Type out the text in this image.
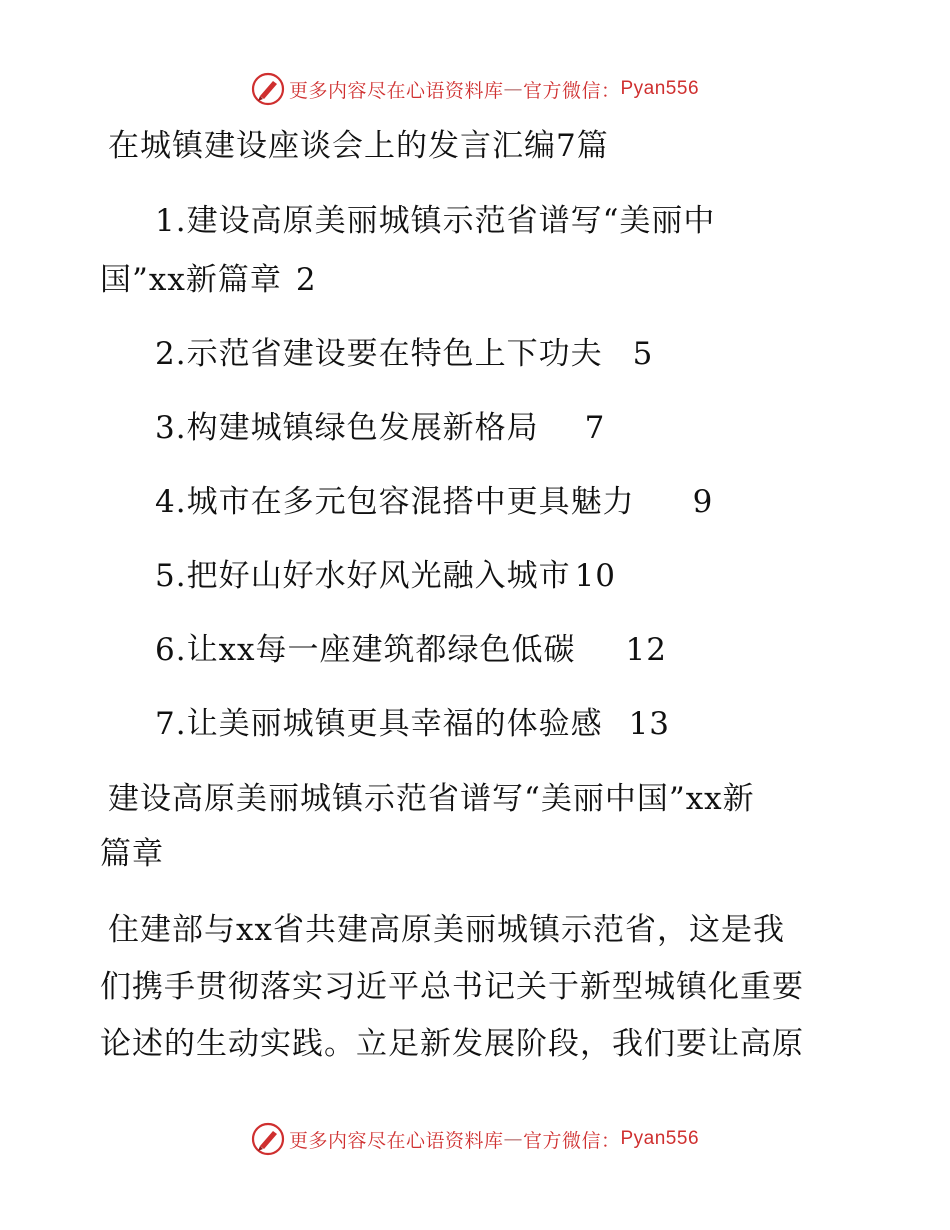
更多内容尽在心语资料库 — 官方微信： Pyan556
在城镇建设座谈会上的发言汇编7篇
1.建设高原美丽城镇示范省谱写“美丽中
国”xx新篇章 2
2.示范省建设要在特色上下功夫 5
3.构建城镇绿色发展新格局 7
4.城市在多元包容混搭中更具魅力 9
5.把好山好水好风光融入城市 10
6.让xx每一座建筑都绿色低碳 12
7.让美丽城镇更具幸福的体验感 13
建设高原美丽城镇示范省谱写“美丽中国”xx新
篇章
住建部与xx省共建高原美丽城镇示范省，这是我
们携手贯彻落实习近平总书记关于新型城镇化重要
论述的生动实践。立足新发展阶段，我们要让高原
更多内容尽在心语资料库 — 官方微信： Pyan556
